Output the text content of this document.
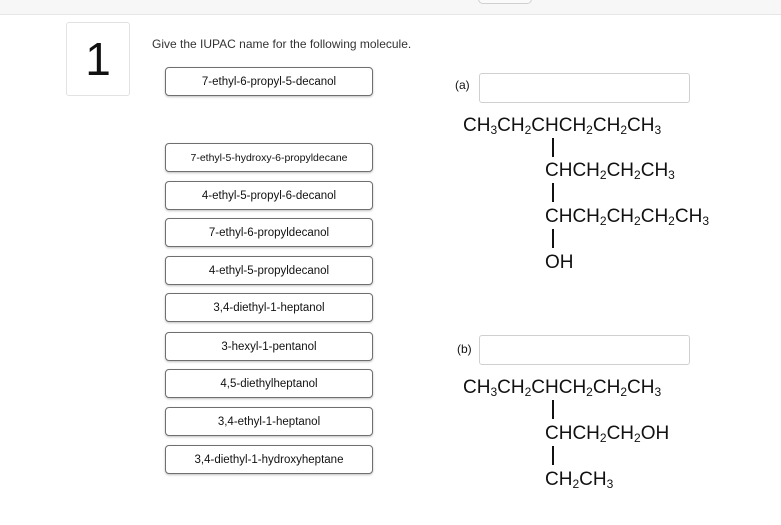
1	Give the IUPAC name for the following molecule.
7-ethyl-6-propyl-5-decanol
7-ethyl-5-hydroxy-6-propyldecane
4-ethyl-5-propyl-6-decanol
7-ethyl-6-propyldecanol
4-ethyl-5-propyldecanol
3,4-diethyl-1-heptanol
3-hexyl-1-pentanol
4,5-diethylheptanol
3,4-ethyl-1-heptanol
3,4-diethyl-1-hydroxyheptane
(a)
$CH_3CH_2CHCH_2CH_2CH_3$
$CHCH_2CH_2CH_3$
$CHCH_2CH_2CH_2CH_3$
OH
(b)
$CH_3CH_2CHCH_2CH_2CH_3$
$CHCH_2CH_2OH$
$CH_2CH_3$
